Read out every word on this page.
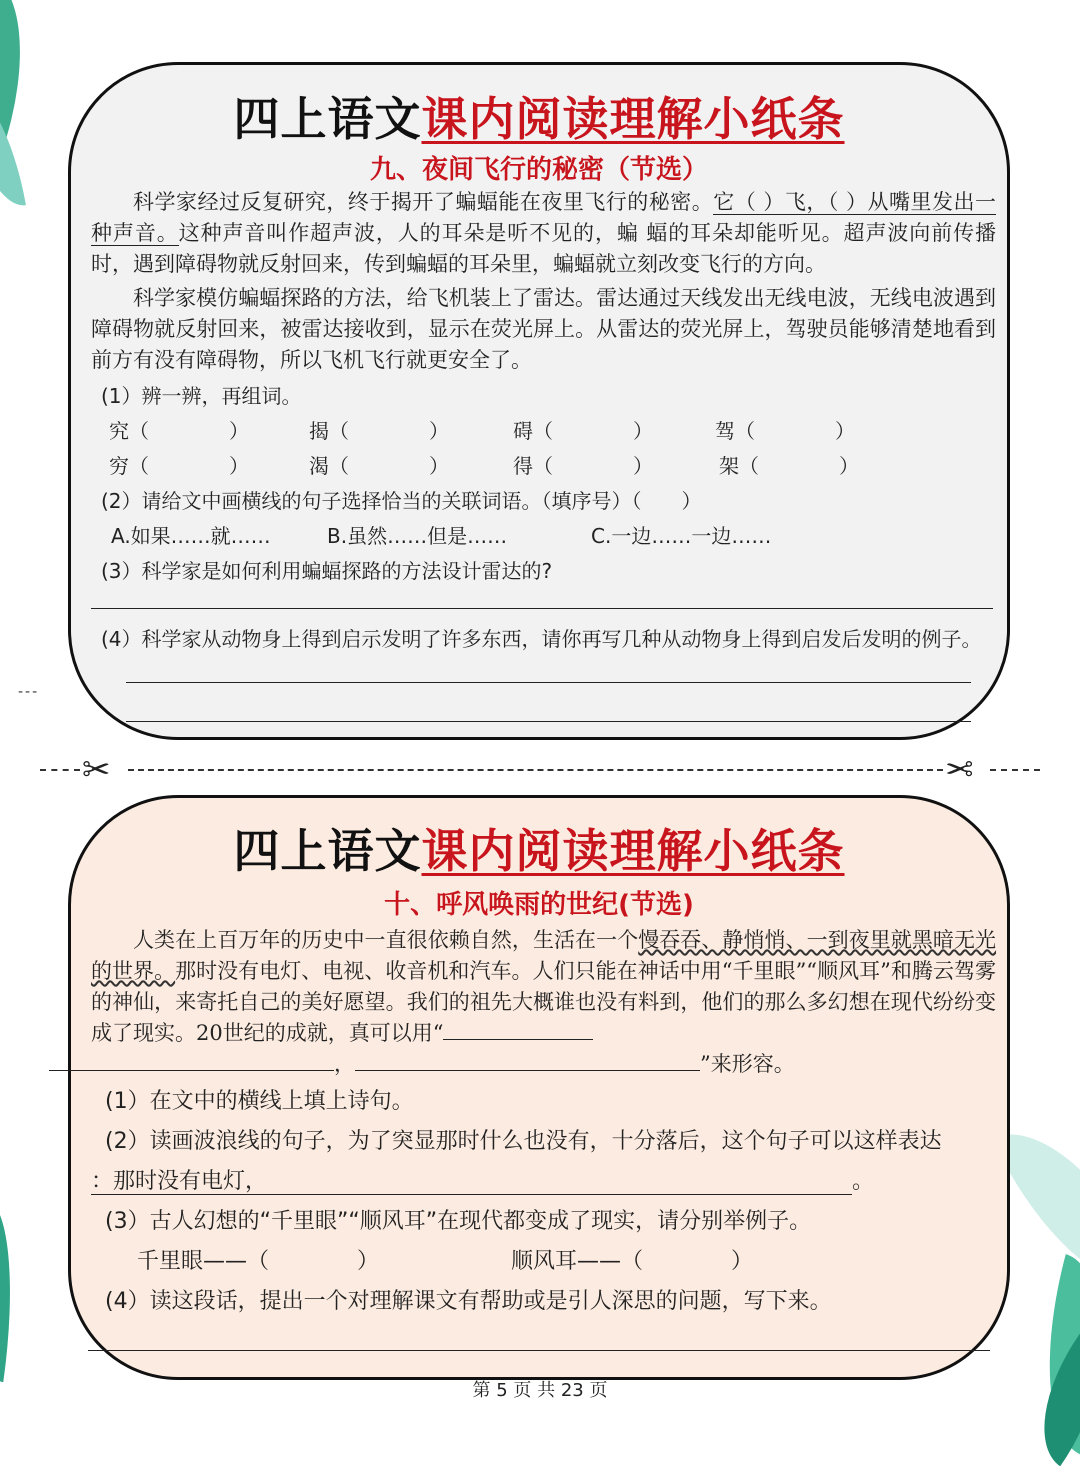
四上语文课内阅读理解小纸条
九、夜间飞行的秘密（节选）

科学家经过反复研究，终于揭开了蝙蝠能在夜里飞行的秘密。它（ ）飞，（ ）从嘴里发出一种声音。这种声音叫作超声波，人的耳朵是听不见的，蝙 蝠的耳朵却能听见。超声波向前传播时，遇到障碍物就反射回来，传到蝙蝠的耳朵里，蝙蝠就立刻改变飞行的方向。

科学家模仿蝙蝠探路的方法，给飞机装上了雷达。雷达通过天线发出无线电波，无线电波遇到障碍物就反射回来，被雷达接收到，显示在荧光屏上。从雷达的荧光屏上，驾驶员能够清楚地看到前方有没有障碍物，所以飞机飞行就更安全了。

(1）辨一辨，再组词。
究（　　　　）	揭（　　　　）	碍（　　　　）	驾（　　　　）
穷（　　　　）	渴（　　　　）	得（　　　　）	架（　　　　）
(2）请给文中画横线的句子选择恰当的关联词语。（填序号）（　　）
A.如果……就……	B.虽然……但是……	C.一边……一边……
(3）科学家是如何利用蝙蝠探路的方法设计雷达的?
(4）科学家从动物身上得到启示发明了许多东西，请你再写几种从动物身上得到启发后发明的例子。
---
✂	✂
四上语文课内阅读理解小纸条
十、呼风唤雨的世纪(节选)

人类在上百万年的历史中一直很依赖自然，生活在一个慢吞吞、静悄悄、一到夜里就黑暗无光的世界。那时没有电灯、电视、收音机和汽车。人们只能在神话中用“千里眼”“顺风耳”和腾云驾雾的神仙，来寄托自己的美好愿望。我们的祖先大概谁也没有料到，他们的那么多幻想在现代纷纷变成了现实。20世纪的成就，真可以用“
，	”来形容。

(1）在文中的横线上填上诗句。
(2）读画波浪线的句子，为了突显那时什么也没有，十分落后，这个句子可以这样表达
：那时没有电灯，	。
(3）古人幻想的“千里眼”“顺风耳”在现代都变成了现实，请分别举例子。
千里眼——（　　　　）	顺风耳——（　　　　）
(4）读这段话，提出一个对理解课文有帮助或是引人深思的问题，写下来。
第 5 页 共 23 页
